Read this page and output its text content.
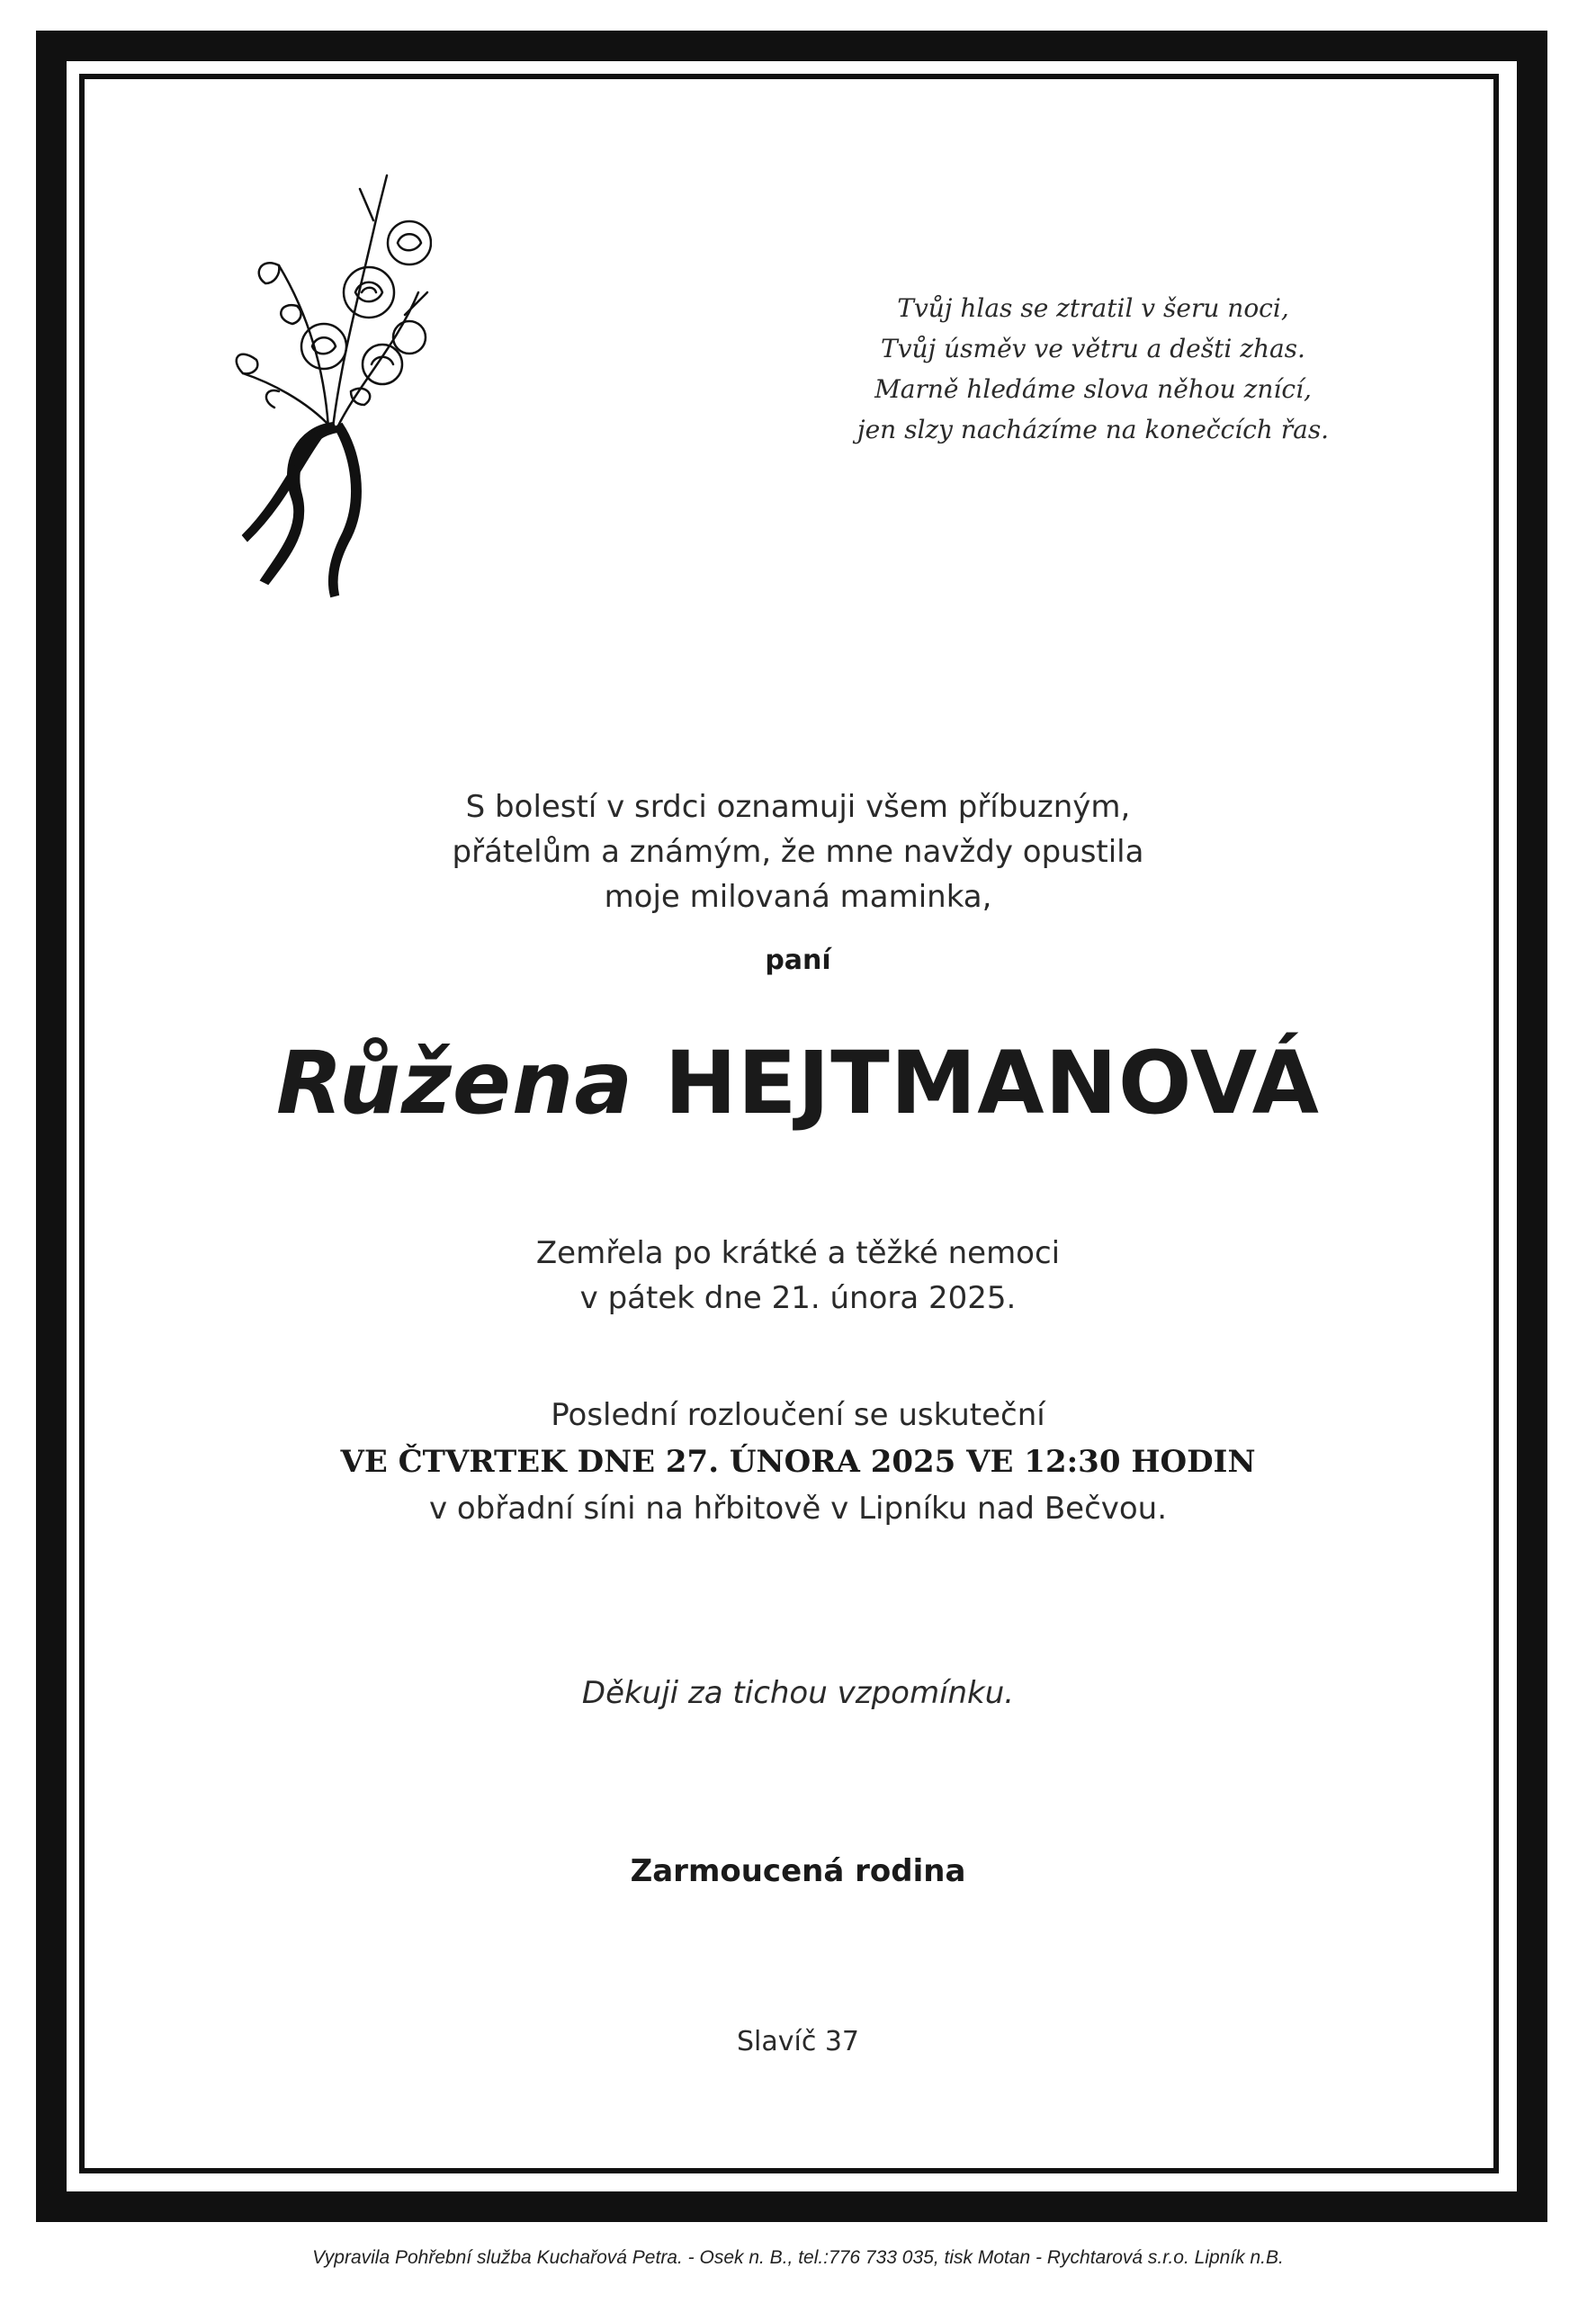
Tvůj hlas se ztratil v šeru noci,
Tvůj úsměv ve větru a dešti zhas.
Marně hledáme slova něhou znící,
jen slzy nacházíme na konečcích řas.
S bolestí v srdci oznamuji všem příbuzným,
přátelům a známým, že mne navždy opustila
moje milovaná maminka,
paní
Růžena HEJTMANOVÁ
Zemřela po krátké a těžké nemoci
v pátek dne 21. února 2025.
Poslední rozloučení se uskuteční
VE ČTVRTEK DNE 27. ÚNORA 2025 VE 12:30 HODIN
v obřadní síni na hřbitově v Lipníku nad Bečvou.
Děkuji za tichou vzpomínku.
Zarmoucená rodina
Slavíč 37
Vypravila Pohřební služba Kuchařová Petra. - Osek n. B., tel.:776 733 035, tisk Motan - Rychtarová s.r.o. Lipník n.B.
